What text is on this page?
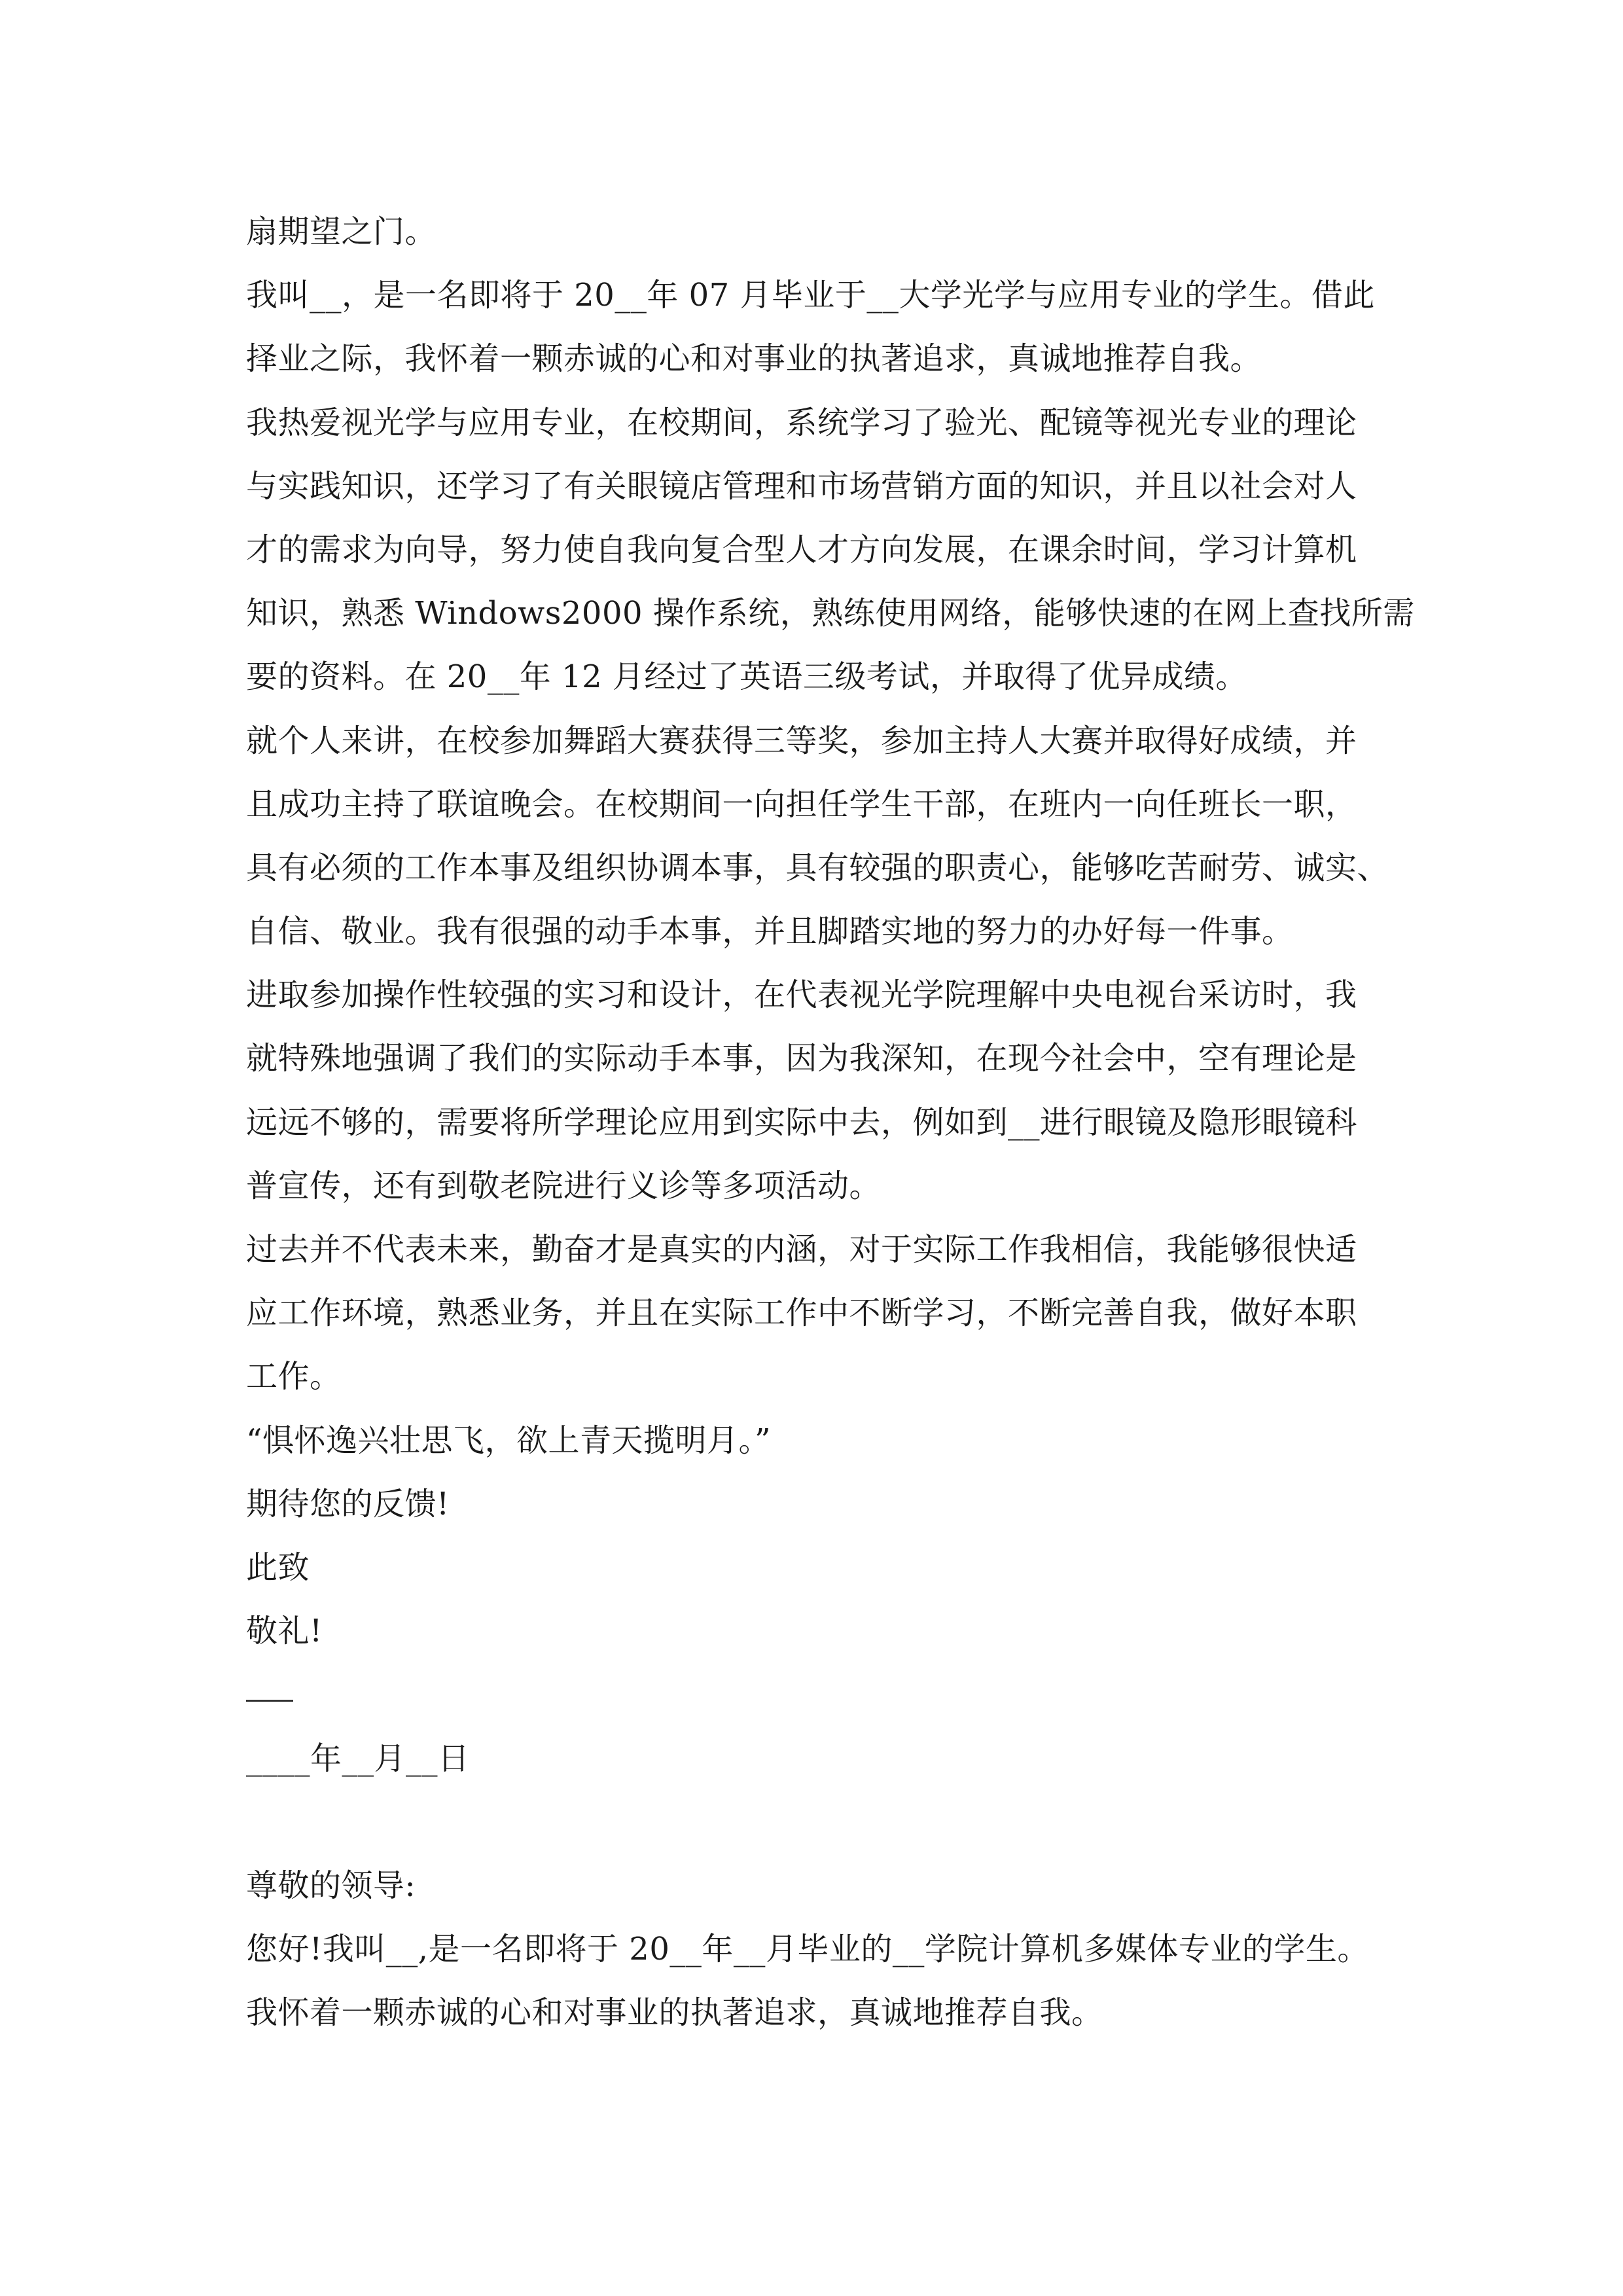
扇期望之门。
我叫__，是一名即将于 20__年 07 月毕业于__大学光学与应用专业的学生。借此
择业之际，我怀着一颗赤诚的心和对事业的执著追求，真诚地推荐自我。
我热爱视光学与应用专业，在校期间，系统学习了验光、配镜等视光专业的理论
与实践知识，还学习了有关眼镜店管理和市场营销方面的知识，并且以社会对人
才的需求为向导，努力使自我向复合型人才方向发展，在课余时间，学习计算机
知识，熟悉 Windows2000 操作系统，熟练使用网络，能够快速的在网上查找所需
要的资料。在 20__年 12 月经过了英语三级考试，并取得了优异成绩。
就个人来讲，在校参加舞蹈大赛获得三等奖，参加主持人大赛并取得好成绩，并
且成功主持了联谊晚会。在校期间一向担任学生干部，在班内一向任班长一职，
具有必须的工作本事及组织协调本事，具有较强的职责心，能够吃苦耐劳、诚实、
自信、敬业。我有很强的动手本事，并且脚踏实地的努力的办好每一件事。
进取参加操作性较强的实习和设计，在代表视光学院理解中央电视台采访时，我
就特殊地强调了我们的实际动手本事，因为我深知，在现今社会中，空有理论是
远远不够的，需要将所学理论应用到实际中去，例如到__进行眼镜及隐形眼镜科
普宣传，还有到敬老院进行义诊等多项活动。
过去并不代表未来，勤奋才是真实的内涵，对于实际工作我相信，我能够很快适
应工作环境，熟悉业务，并且在实际工作中不断学习，不断完善自我，做好本职
工作。
“惧怀逸兴壮思飞，欲上青天揽明月。”
期待您的反馈!
此致
敬礼!
____年__月__日
尊敬的领导:
您好!我叫__,是一名即将于 20__年__月毕业的__学院计算机多媒体专业的学生。
我怀着一颗赤诚的心和对事业的执著追求，真诚地推荐自我。
